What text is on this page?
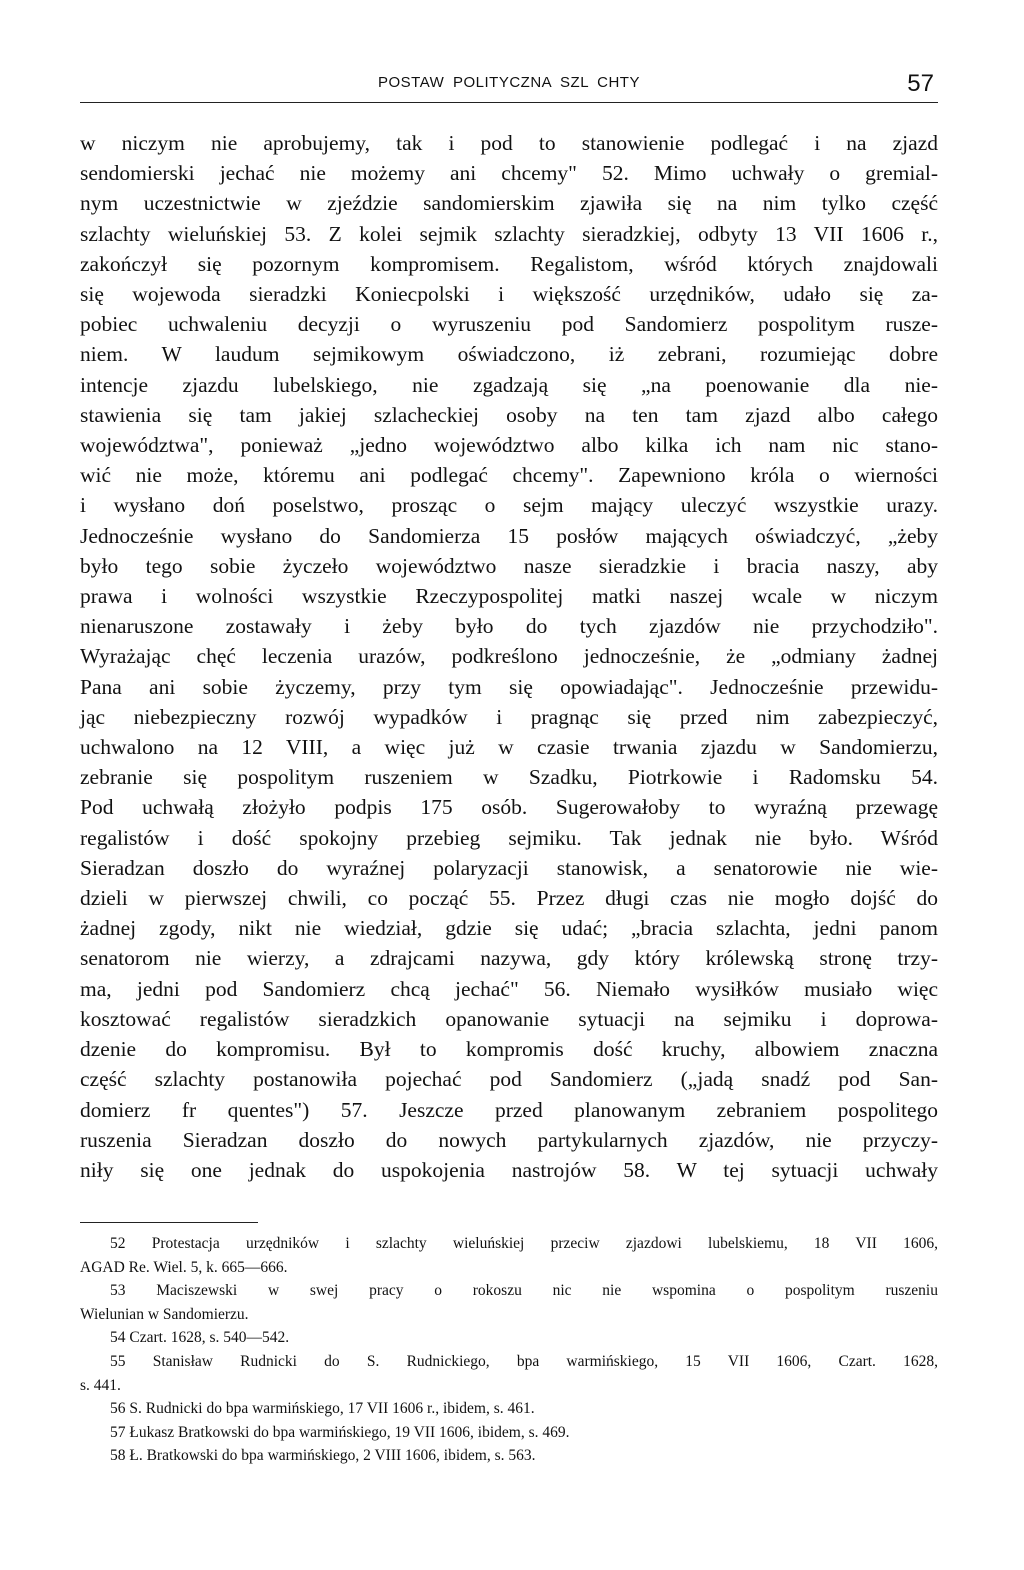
POSTAW POLITYCZNA SZL CHTY	57
w niczym nie aprobujemy, tak i pod to stanowienie podlegać i na zjazd
sendomierski jechać nie możemy ani chcemy" 52. Mimo uchwały o gremial-
nym uczestnictwie w zjeździe sandomierskim zjawiła się na nim tylko część
szlachty wieluńskiej 53. Z kolei sejmik szlachty sieradzkiej, odbyty 13 VII 1606 r.,
zakończył się pozornym kompromisem. Regalistom, wśród których znajdowali
się wojewoda sieradzki Koniecpolski i większość urzędników, udało się za-
pobiec uchwaleniu decyzji o wyruszeniu pod Sandomierz pospolitym rusze-
niem. W laudum sejmikowym oświadczono, iż zebrani, rozumiejąc dobre
intencje zjazdu lubelskiego, nie zgadzają się „na poenowanie dla nie-
stawienia się tam jakiej szlacheckiej osoby na ten tam zjazd albo całego
województwa", ponieważ „jedno województwo albo kilka ich nam nic stano-
wić nie może, któremu ani podlegać chcemy". Zapewniono króla o wierności
i wysłano doń poselstwo, prosząc o sejm mający uleczyć wszystkie urazy.
Jednocześnie wysłano do Sandomierza 15 posłów mających oświadczyć, „żeby
było tego sobie życzeło województwo nasze sieradzkie i bracia naszy, aby
prawa i wolności wszystkie Rzeczypospolitej matki naszej wcale w niczym
nienaruszone zostawały i żeby było do tych zjazdów nie przychodziło".
Wyrażając chęć leczenia urazów, podkreślono jednocześnie, że „odmiany żadnej
Pana ani sobie życzemy, przy tym się opowiadając". Jednocześnie przewidu-
jąc niebezpieczny rozwój wypadków i pragnąc się przed nim zabezpieczyć,
uchwalono na 12 VIII, a więc już w czasie trwania zjazdu w Sandomierzu,
zebranie się pospolitym ruszeniem w Szadku, Piotrkowie i Radomsku 54.
Pod uchwałą złożyło podpis 175 osób. Sugerowałoby to wyraźną przewagę
regalistów i dość spokojny przebieg sejmiku. Tak jednak nie było. Wśród
Sieradzan doszło do wyraźnej polaryzacji stanowisk, a senatorowie nie wie-
dzieli w pierwszej chwili, co począć 55. Przez długi czas nie mogło dojść do
żadnej zgody, nikt nie wiedział, gdzie się udać; „bracia szlachta, jedni panom
senatorom nie wierzy, a zdrajcami nazywa, gdy który królewską stronę trzy-
ma, jedni pod Sandomierz chcą jechać" 56. Niemało wysiłków musiało więc
kosztować regalistów sieradzkich opanowanie sytuacji na sejmiku i doprowa-
dzenie do kompromisu. Był to kompromis dość kruchy, albowiem znaczna
część szlachty postanowiła pojechać pod Sandomierz („jadą snadź pod San-
domierz fr quentes") 57. Jeszcze przed planowanym zebraniem pospolitego
ruszenia Sieradzan doszło do nowych partykularnych zjazdów, nie przyczy-
niły się one jednak do uspokojenia nastrojów 58. W tej sytuacji uchwały
52 Protestacja urzędników i szlachty wieluńskiej przeciw zjazdowi lubelskiemu, 18 VII 1606,
AGAD Re. Wiel. 5, k. 665—666.
53 Maciszewski w swej pracy o rokoszu nic nie wspomina o pospolitym ruszeniu
Wielunian w Sandomierzu.
54 Czart. 1628, s. 540—542.
55 Stanisław Rudnicki do S. Rudnickiego, bpa warmińskiego, 15 VII 1606, Czart. 1628,
s. 441.
56 S. Rudnicki do bpa warmińskiego, 17 VII 1606 r., ibidem, s. 461.
57 Łukasz Bratkowski do bpa warmińskiego, 19 VII 1606, ibidem, s. 469.
58 Ł. Bratkowski do bpa warmińskiego, 2 VIII 1606, ibidem, s. 563.
